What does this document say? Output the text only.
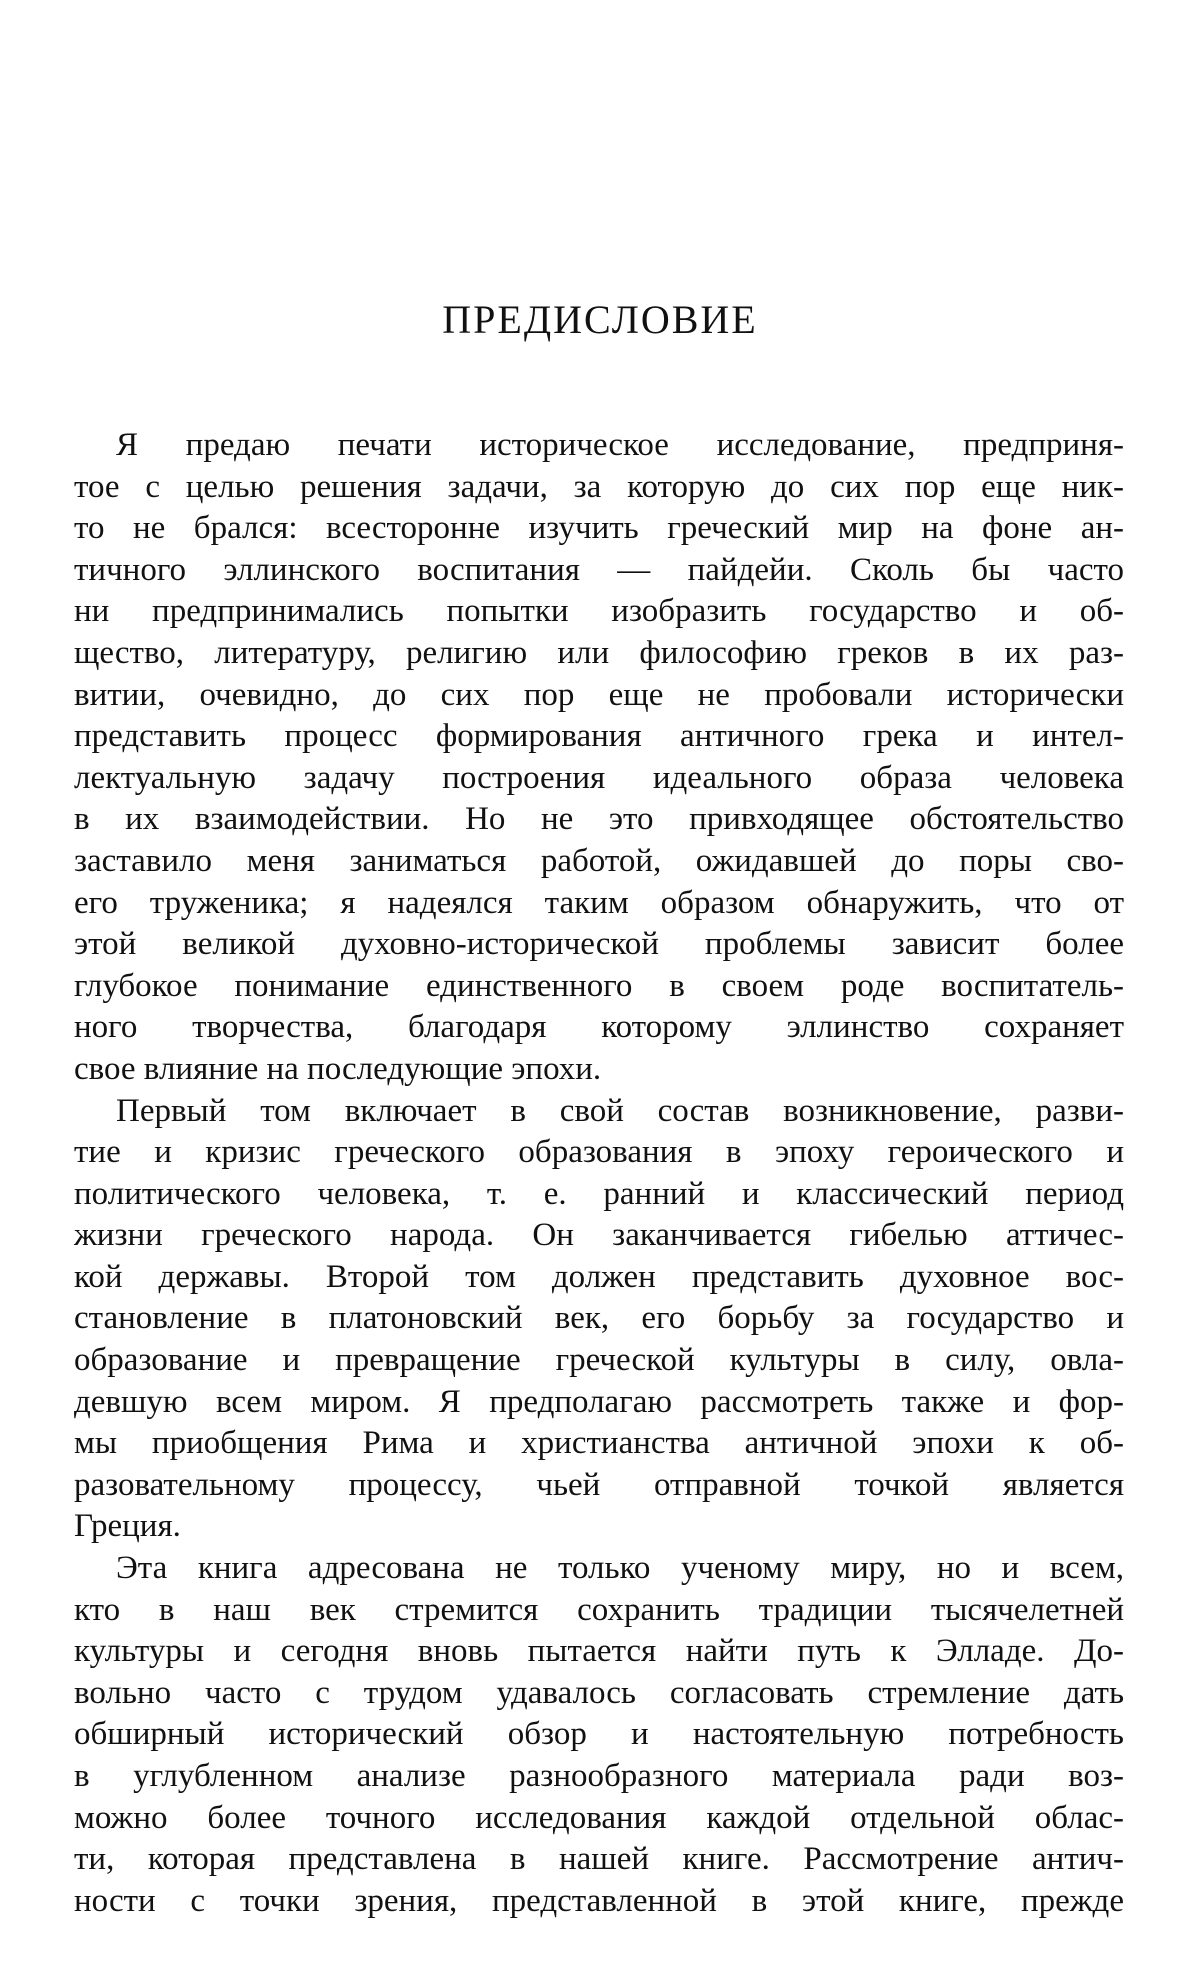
ПРЕДИСЛОВИЕ
Я предаю печати историческое исследование, предприня-
тое с целью решения задачи, за которую до сих пор еще ник-
то не брался: всесторонне изучить греческий мир на фоне ан-
тичного эллинского воспитания — пайдейи. Сколь бы часто
ни предпринимались попытки изобразить государство и об-
щество, литературу, религию или философию греков в их раз-
витии, очевидно, до сих пор еще не пробовали исторически
представить процесс формирования античного грека и интел-
лектуальную задачу построения идеального образа человека
в их взаимодействии. Но не это привходящее обстоятельство
заставило меня заниматься работой, ожидавшей до поры сво-
его труженика; я надеялся таким образом обнаружить, что от
этой великой духовно-исторической проблемы зависит более
глубокое понимание единственного в своем роде воспитатель-
ного творчества, благодаря которому эллинство сохраняет
свое влияние на последующие эпохи.
Первый том включает в свой состав возникновение, разви-
тие и кризис греческого образования в эпоху героического и
политического человека, т. е. ранний и классический период
жизни греческого народа. Он заканчивается гибелью аттичес-
кой державы. Второй том должен представить духовное вос-
становление в платоновский век, его борьбу за государство и
образование и превращение греческой культуры в силу, овла-
девшую всем миром. Я предполагаю рассмотреть также и фор-
мы приобщения Рима и христианства античной эпохи к об-
разовательному процессу, чьей отправной точкой является
Греция.
Эта книга адресована не только ученому миру, но и всем,
кто в наш век стремится сохранить традиции тысячелетней
культуры и сегодня вновь пытается найти путь к Элладе. До-
вольно часто с трудом удавалось согласовать стремление дать
обширный исторический обзор и настоятельную потребность
в углубленном анализе разнообразного материала ради воз-
можно более точного исследования каждой отдельной облас-
ти, которая представлена в нашей книге. Рассмотрение антич-
ности с точки зрения, представленной в этой книге, прежде
